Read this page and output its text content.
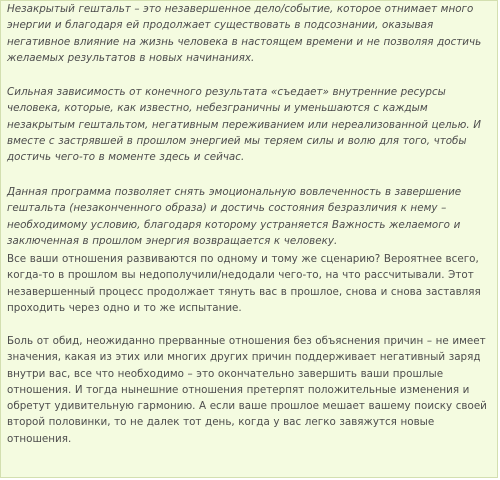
Незакрытый гештальт – это незавершенное дело/событие, которое отнимает много энергии и благодаря ей продолжает существовать в подсознании, оказывая негативное влияние на жизнь человека в настоящем времени и не позволяя достичь желаемых результатов в новых начинаниях.

Сильная зависимость от конечного результата «съедает» внутренние ресурсы человека, которые, как известно, небезграничны и уменьшаются с каждым незакрытым гештальтом, негативным переживанием или нереализованной целью. И вместе с застрявшей в прошлом энергией мы теряем силы и волю для того, чтобы достичь чего-то в моменте здесь и сейчас.

Данная программа позволяет снять эмоциональную вовлеченность в завершение гештальта (незаконченного образа) и достичь состояния безразличия к нему – необходимому условию, благодаря которому устраняется Важность желаемого и заключенная в прошлом энергия возвращается к человеку.

Все ваши отношения развиваются по одному и тому же сценарию? Вероятнее всего, когда-то в прошлом вы недополучили/недодали чего-то, на что рассчитывали. Этот незавершенный процесс продолжает тянуть вас в прошлое, снова и снова заставляя проходить через одно и то же испытание.

Боль от обид, неожиданно прерванные отношения без объяснения причин – не имеет значения, какая из этих или многих других причин поддерживает негативный заряд внутри вас, все что необходимо – это окончательно завершить ваши прошлые отношения. И тогда нынешние отношения претерпят положительные изменения и обретут удивительную гармонию. А если ваше прошлое мешает вашему поиску своей второй половинки, то не далек тот день, когда у вас легко завяжутся новые отношения.
